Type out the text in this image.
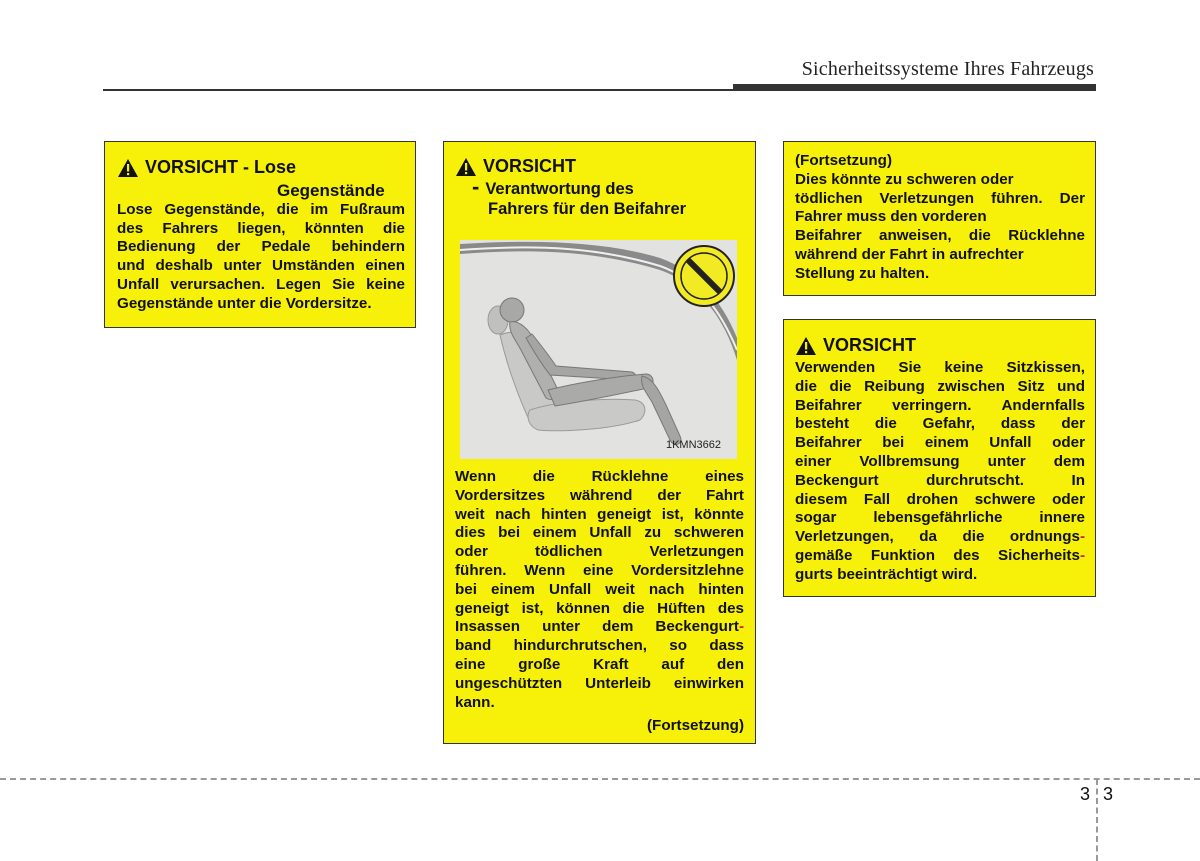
Sicherheitssysteme Ihres Fahrzeugs
VORSICHT - Lose
Gegenstände
Lose Gegenstände, die im Fußraum
des Fahrers liegen, könnten die
Bedienung der Pedale behindern
und deshalb unter Umständen einen
Unfall verursachen. Legen Sie keine
Gegenstände unter die Vordersitze.
VORSICHT
- Verantwortung des
Fahrers für den Beifahrer
1KMN3662
Wenn die Rücklehne eines
Vordersitzes während der Fahrt
weit nach hinten geneigt ist, könnte
dies bei einem Unfall zu schweren
oder tödlichen Verletzungen
führen. Wenn eine Vordersitzlehne
bei einem Unfall weit nach hinten
geneigt ist, können die Hüften des
Insassen unter dem Beckengurt-
band hindurchrutschen, so dass
eine große Kraft auf den
ungeschützten Unterleib einwirken
kann.
(Fortsetzung)
(Fortsetzung)
Dies könnte zu schweren oder
tödlichen Verletzungen führen. Der
Fahrer muss den vorderen
Beifahrer anweisen, die Rücklehne
während der Fahrt in aufrechter
Stellung zu halten.
VORSICHT
Verwenden Sie keine Sitzkissen,
die die Reibung zwischen Sitz und
Beifahrer verringern. Andernfalls
besteht die Gefahr, dass der
Beifahrer bei einem Unfall oder
einer Vollbremsung unter dem
Beckengurt durchrutscht. In
diesem Fall drohen schwere oder
sogar lebensgefährliche innere
Verletzungen, da die ordnungs-
gemäße Funktion des Sicherheits-
gurts beeinträchtigt wird.
3 3
